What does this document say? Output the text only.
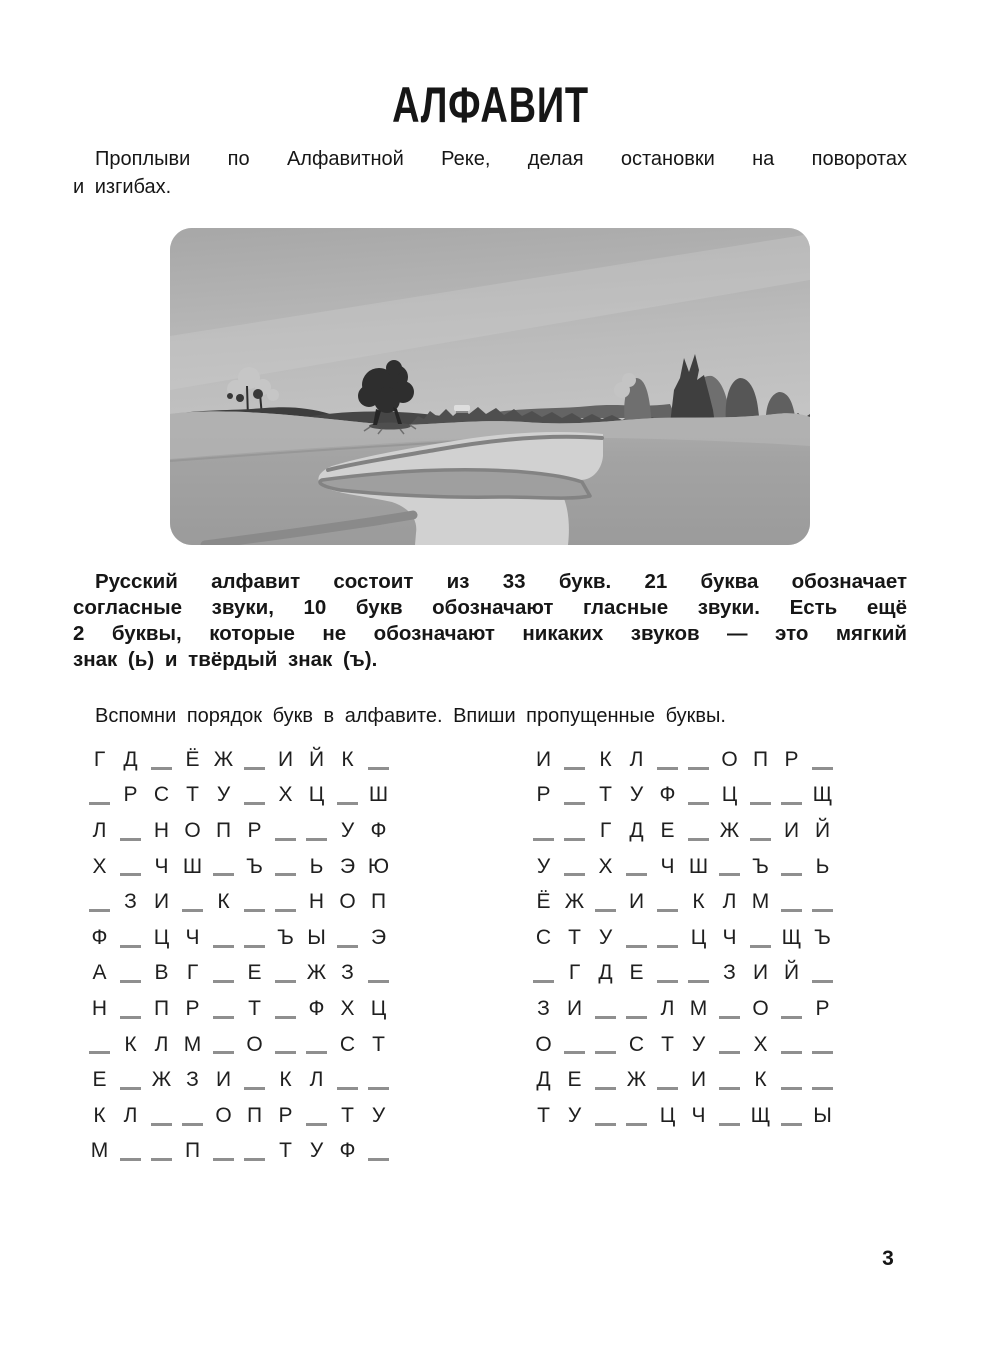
АЛФАВИТ
Проплыви по Алфавитной Реке, делая остановки на поворотах
и изгибах.
Русский алфавит состоит из 33 букв. 21 буква обозначает
согласные звуки, 10 букв обозначают гласные звуки. Есть ещё
2 буквы, которые не обозначают никаких звуков — это мягкий
знак (ь) и твёрдый знак (ъ).
Вспомни порядок букв в алфавите. Впиши пропущенные буквы.
Г Д	Ё Ж	И Й К
Р С Т У	Х Ц	Ш
Л	Н О П Р	У Ф
Х	Ч Ш	Ъ	Ь Э Ю
З И	К	Н О П
Ф	Ц Ч	Ъ Ы	Э
А	В Г	Е	Ж З
Н	П Р	Т	Ф Х Ц
К Л М	О	С Т
Е	Ж З И	К Л
К Л	О П Р	Т У
М	П	Т У Ф
И	К Л	О П Р
Р	Т У Ф	Ц	Щ
Г Д Е	Ж	И Й
У	Х	Ч Ш	Ъ	Ь
Ё Ж	И	К Л М
С Т У	Ц Ч	Щ Ъ
Г Д Е	З И Й
З И	Л М	О	Р
О	С Т У	Х
Д Е	Ж	И	К
Т У	Ц Ч	Щ Ы
3
